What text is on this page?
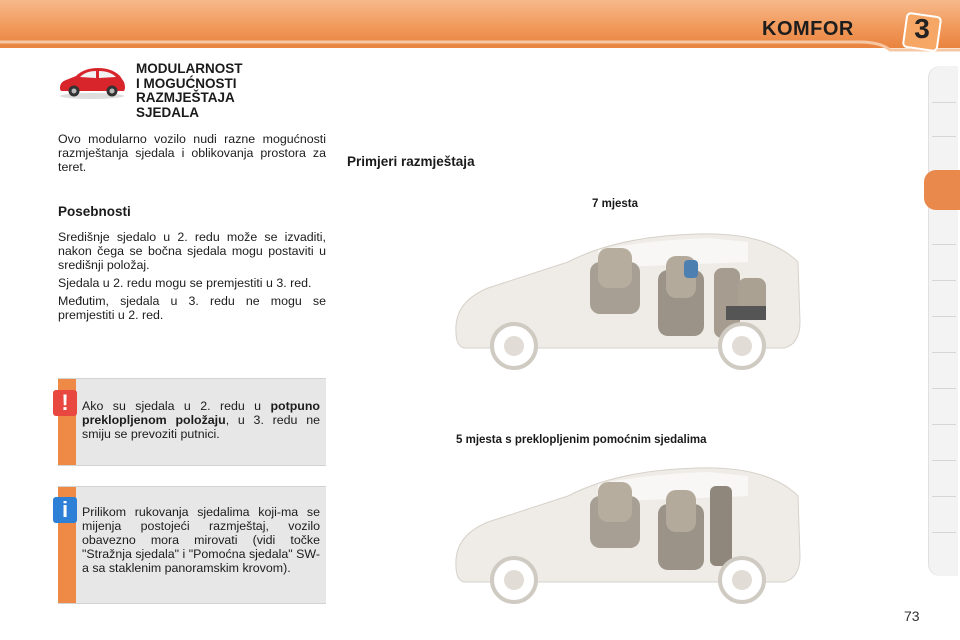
KOMFOR	3
MODULARNOST
I MOGUĆNOSTI
RAZMJEŠTAJA
SJEDALA
Ovo modularno vozilo nudi razne mogućnosti razmještanja sjedala i oblikovanja prostora za teret.
Posebnosti

Središnje sjedalo u 2. redu može se izvaditi, nakon čega se bočna sjedala mogu postaviti u središnji položaj.

Sjedala u 2. redu mogu se premjestiti u 3. red.

Međutim, sjedala u 3. redu ne mogu se premjestiti u 2. red.

Ako su sjedala u 2. redu u potpuno preklopljenom položaju, u 3. redu ne smiju se prevoziti putnici.
!
Prilikom rukovanja sjedalima koji-ma se mijenja postojeći razmještaj, vozilo obavezno mora mirovati (vidi točke "Stražnja sjedala" i "Pomoćna sjedala" SW-a sa staklenim panoramskim krovom).
i
Primjeri razmještaja
7 mjesta
5 mjesta s preklopljenim pomoćnim sjedalima
73
